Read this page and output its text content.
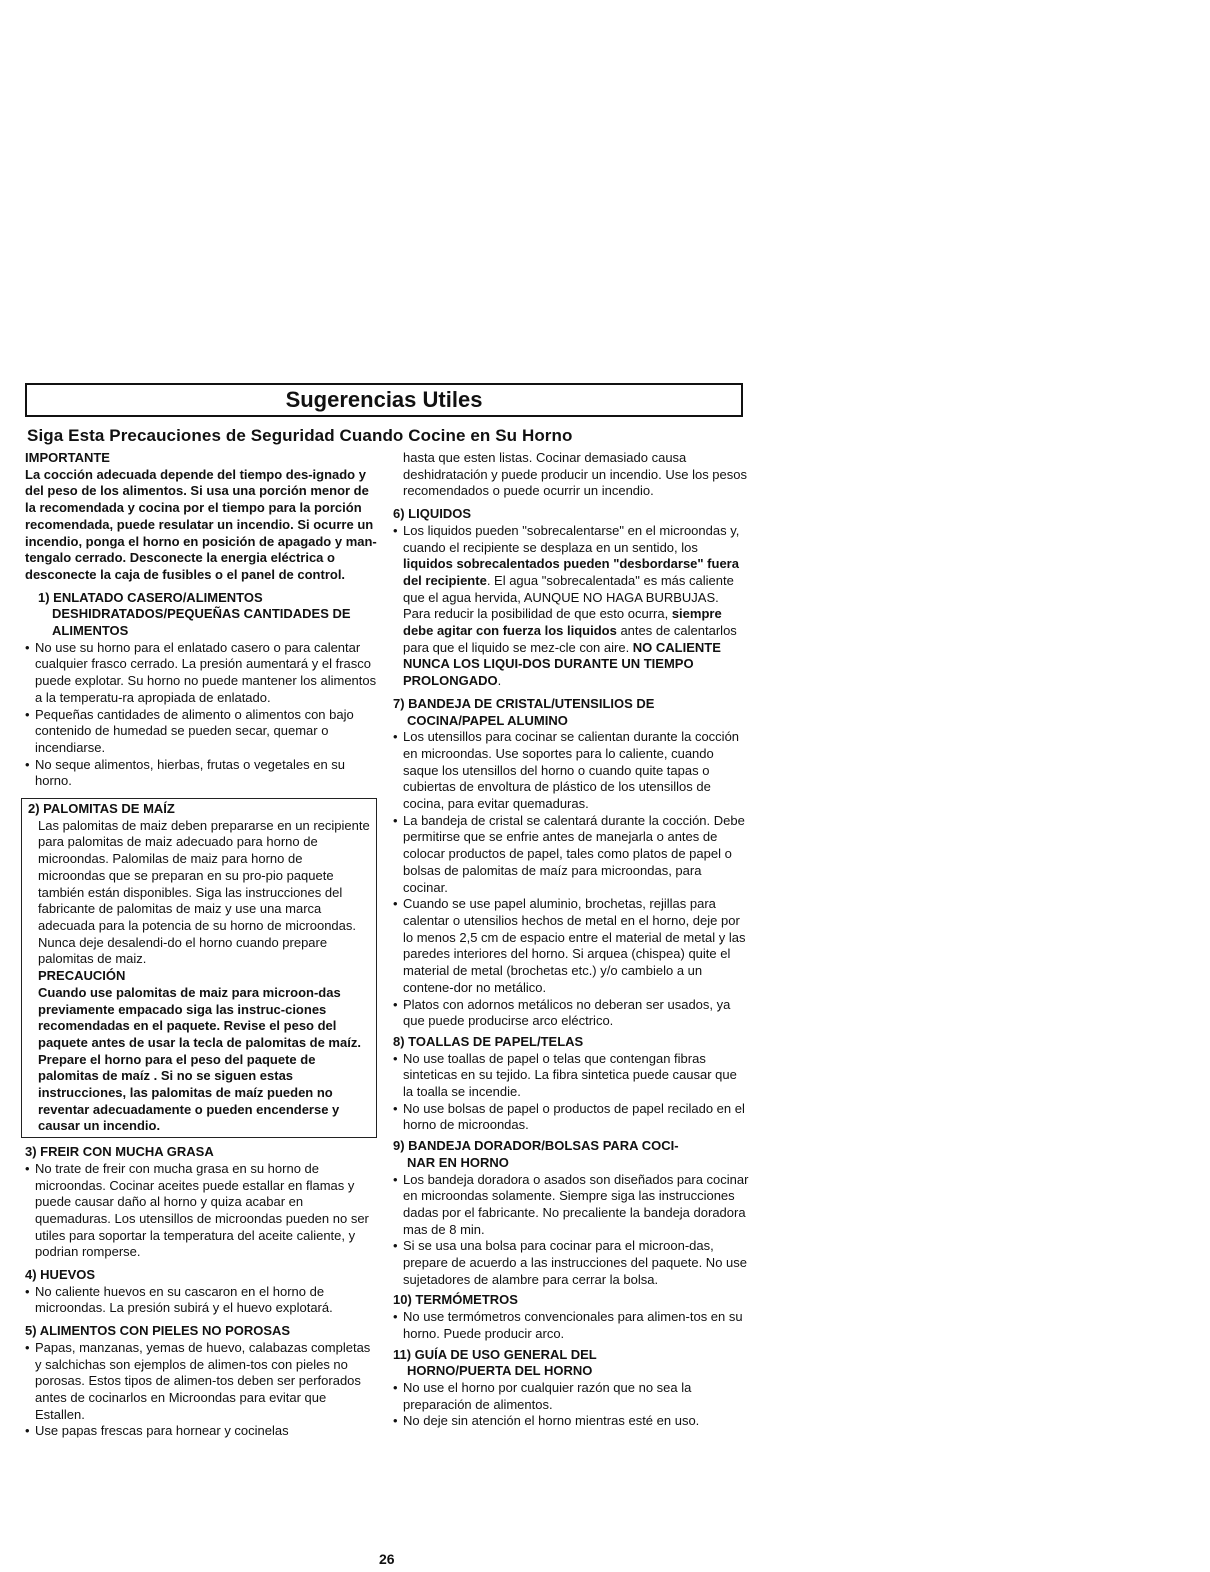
Sugerencias Utiles
Siga Esta Precauciones de Seguridad Cuando Cocine en Su Horno

IMPORTANTE

La cocción adecuada depende del tiempo des-ignado y del peso de los alimentos. Si usa una porción menor de la recomendada y cocina por el tiempo para la porción recomendada, puede resulatar un incendio. Si ocurre un incendio, ponga el horno en posición de apagado y man-tengalo cerrado. Desconecte la energia eléctrica o desconecte la caja de fusibles o el panel de control.

1) ENLATADO CASERO/ALIMENTOS
DESHIDRATADOS/PEQUEÑAS CANTIDADES DE ALIMENTOS

• No use su horno para el enlatado casero o para calentar cualquier frasco cerrado. La presión aumentará y el frasco puede explotar. Su horno no puede mantener los alimentos a la temperatu-ra apropiada de enlatado.
• Pequeñas cantidades de alimento o alimentos con bajo contenido de humedad se pueden secar, quemar o incendiarse.
• No seque alimentos, hierbas, frutas o vegetales en su horno.

2) PALOMITAS DE MAÍZ

Las palomitas de maiz deben prepararse en un recipiente para palomitas de maiz adecuado para horno de microondas. Palomilas de maiz para horno de microondas que se preparan en su pro-pio paquete también están disponibles. Siga las instrucciones del fabricante de palomitas de maiz y use una marca adecuada para la potencia de su horno de microondas. Nunca deje desalendi-do el horno cuando prepare palomitas de maiz.

PRECAUCIÓN

Cuando use palomitas de maiz para microon-das previamente empacado siga las instruc-ciones recomendadas en el paquete. Revise el peso del paquete antes de usar la tecla de palomitas de maíz. Prepare el horno para el peso del paquete de palomitas de maíz . Si no se siguen estas instrucciones, las palomitas de maíz pueden no reventar adecuadamente o pueden encenderse y causar un incendio.

3) FREIR CON MUCHA GRASA

• No trate de freir con mucha grasa en su horno de microondas. Cocinar aceites puede estallar en flamas y puede causar daño al horno y quiza acabar en quemaduras. Los utensillos de microondas pueden no ser utiles para soportar la temperatura del aceite caliente, y podrian romperse.

4) HUEVOS

• No caliente huevos en su cascaron en el horno de microondas. La presión subirá y el huevo explotará.

5) ALIMENTOS CON PIELES NO POROSAS

• Papas, manzanas, yemas de huevo, calabazas completas y salchichas son ejemplos de alimen-tos con pieles no porosas. Estos tipos de alimen-tos deben ser perforados antes de cocinarlos en Microondas para evitar que Estallen.
• Use papas frescas para hornear y cocinelas

hasta que esten listas. Cocinar demasiado causa deshidratación y puede producir un incendio. Use los pesos recomendados o puede ocurrir un incendio.

6) LIQUIDOS

• Los liquidos pueden "sobrecalentarse" en el microondas y, cuando el recipiente se desplaza en un sentido, los liquidos sobrecalentados pueden "desbordarse" fuera del recipiente. El agua "sobrecalentada" es más caliente que el agua hervida, AUNQUE NO HAGA BURBUJAS. Para reducir la posibilidad de que esto ocurra, siempre debe agitar con fuerza los liquidos antes de calentarlos para que el liquido se mez-cle con aire. NO CALIENTE NUNCA LOS LIQUI-DOS DURANTE UN TIEMPO PROLONGADO.

7) BANDEJA DE CRISTAL/UTENSILIOS DE
COCINA/PAPEL ALUMINO

• Los utensillos para cocinar se calientan durante la cocción en microondas. Use soportes para lo caliente, cuando saque los utensillos del horno o cuando quite tapas o cubiertas de envoltura de plástico de los utensillos de cocina, para evitar quemaduras.
• La bandeja de cristal se calentará durante la cocción. Debe permitirse que se enfrie antes de manejarla o antes de colocar productos de papel, tales como platos de papel o bolsas de palomitas de maíz para microondas, para cocinar.
• Cuando se use papel aluminio, brochetas, rejillas para calentar o utensilios hechos de metal en el horno, deje por lo menos 2,5 cm de espacio entre el material de metal y las paredes interiores del horno. Si arquea (chispea) quite el material de metal (brochetas etc.) y/o cambielo a un contene-dor no metálico.
• Platos con adornos metálicos no deberan ser usados, ya que puede producirse arco eléctrico.

8) TOALLAS DE PAPEL/TELAS

• No use toallas de papel o telas que contengan fibras sinteticas en su tejido. La fibra sintetica puede causar que la toalla se incendie.
• No use bolsas de papel o productos de papel recilado en el horno de microondas.

9) BANDEJA DORADOR/BOLSAS PARA COCI-
NAR EN HORNO

• Los bandeja doradora o asados son diseñados para cocinar en microondas solamente. Siempre siga las instrucciones dadas por el fabricante. No precaliente la bandeja doradora mas de 8 min.
• Si se usa una bolsa para cocinar para el microon-das, prepare de acuerdo a las instrucciones del paquete. No use sujetadores de alambre para cerrar la bolsa.

10) TERMÓMETROS

• No use termómetros convencionales para alimen-tos en su horno. Puede producir arco.

11) GUÍA DE USO GENERAL DEL
HORNO/PUERTA DEL HORNO

• No use el horno por cualquier razón que no sea la preparación de alimentos.
• No deje sin atención el horno mientras esté en uso.
26
